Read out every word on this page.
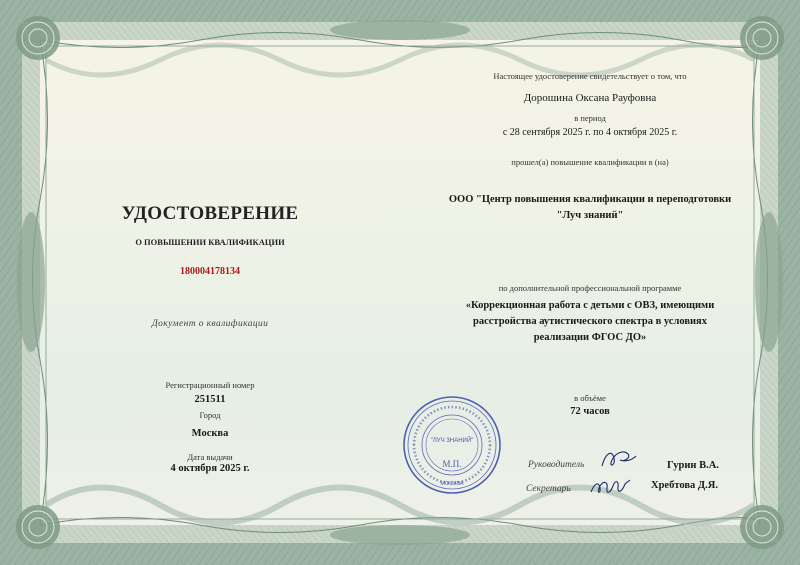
УДОСТОВЕРЕНИЕ
О ПОВЫШЕНИИ КВАЛИФИКАЦИИ
180004178134
Документ о квалификации
Регистрационный номер
251511
Город
Москва
Дата выдачи
4 октября 2025 г.
Настоящее удостоверение свидетельствует о том, что
Дорошина Оксана Рауфовна
в период
с 28 сентября 2025 г. по 4 октября 2025 г.
прошел(а) повышение квалификации в (на)
ООО "Центр повышения квалификации и переподготовки
"Луч знаний"
по дополнительной профессиональной программе
«Коррекционная работа с детьми с ОВЗ, имеющими
расстройства аутистического спектра в условиях
реализации ФГОС ДО»
в объёме
72 часов
Руководитель	Гурин В.А.
Секретарь	Хребтова Д.Я.
"ЛУЧ ЗНАНИЙ"
М.П.
МОСКВА
